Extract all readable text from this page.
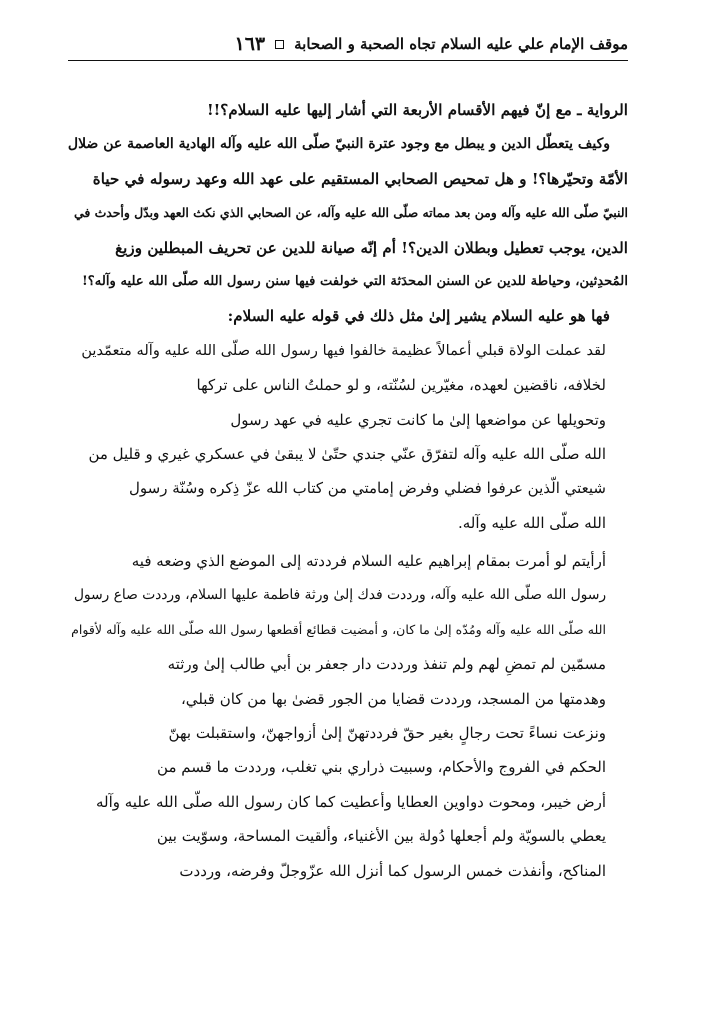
موقف الإمام علي‌ عليه السلام تجاه الصحبة و الصحابة
١٦٣
الرواية ـ مع إنّ فيهم الأقسام الأربعة التي أشار إليها عليه السلام؟!!
وكيف يتعطّل الدين و يبطل مع وجود عترة النبيّ صلّى الله عليه وآله الهادية العاصمة عن ضلال
الأمّة وتحيّرها؟! و هل تمحيص الصحابي المستقيم على عهد الله وعهد رسوله في حياة
النبيّ صلّى الله عليه وآله ومن بعد مماته صلّى الله عليه وآله، عن الصحابي الذي نكث العهد وبدّل وأحدث في
الدين، يوجب تعطيل وبطلان الدين؟! أم إنّه صيانة للدين عن تحريف المبطلين وزيغ
المُحدِثين، وحياطة للدين عن السنن المحدَثة التي خولفت فيها سنن رسول الله صلّى الله عليه وآله؟!
فها هو عليه السلام يشير إلىٰ مثل ذلك في قوله عليه السلام:
لقد عملت الولاة قبلي أعمالاً عظيمة خالفوا فيها رسول الله صلّى الله عليه وآله متعمّدين
لخلافه، ناقضين لعهده، مغيّرين لسُنّته، و لو حملتُ الناس على تركها
وتحويلها عن مواضعها إلىٰ ما كانت تجري عليه في عهد رسول
الله صلّى الله عليه وآله لتفرّق عنّي جندي حتّىٰ لا يبقىٰ في عسكري غيري و قليل من
شيعتي الّذين عرفوا فضلي وفرض إمامتي من كتاب الله عزّ ذِكره وسُنّة رسول
الله صلّى الله عليه وآله.
أرأيتم لو أمرت بمقام إبراهيم عليه السلام فرددته إلى الموضع الذي وضعه فيه
رسول الله صلّى الله عليه وآله، ورددت فدك إلىٰ ورثة فاطمة عليها السلام، ورددت صاع رسول
الله صلّى الله عليه وآله ومُدّه إلىٰ ما كان، و أمضيت قطائع أقطعها رسول الله صلّى الله عليه وآله لأقوام
مسمّين لم تمضِ لهم ولم تنفذ ورددت دار جعفر بن أبي طالب إلىٰ ورثته
وهدمتها من المسجد، ورددت قضايا من الجور قضىٰ بها من كان قبلي،
ونزعت نساءً تحت رجالٍ بغير حقّ فرددتهنّ إلىٰ أزواجهنّ، واستقبلت بهنّ
الحكم في الفروج والأحكام، وسبيت ذراري بني تغلب، ورددت ما قسم من
أرض خيبر، ومحوت دواوين العطايا وأعطيت كما كان رسول الله صلّى الله عليه وآله
يعطي بالسويّة ولم أجعلها دُولة بين الأغنياء، وألقيت المساحة، وسوّيت بين
المناكح، وأنفذت خمس الرسول كما أنزل الله عزّوجلّ وفرضه، ورددت
